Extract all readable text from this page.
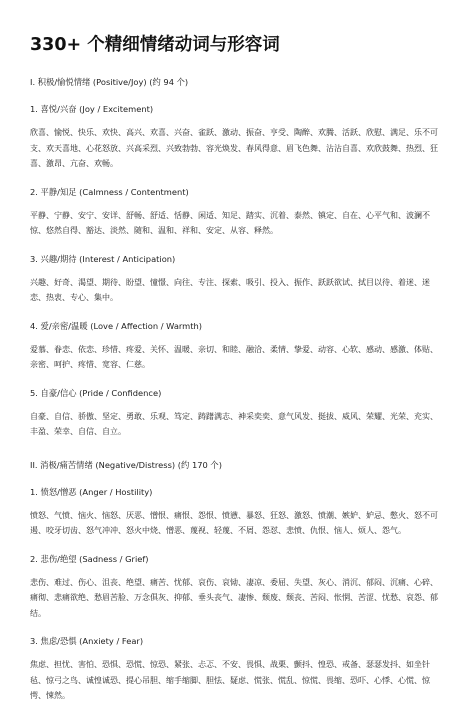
330+ 个精细情绪动词与形容词
I. 积极/愉悦情绪 (Positive/Joy) (约 94 个)
1. 喜悦/兴奋 (Joy / Excitement)
欣喜、愉悦、快乐、欢快、高兴、欢喜、兴奋、雀跃、激动、振奋、亨受、陶醉、欢腾、活跃、欣慰、满足、乐不可支、欢天喜地、心花怒放、兴高采烈、兴致勃勃、容光焕发、春风得意、眉飞色舞、沾沾自喜、欢欣鼓舞、热烈、狂喜、激昂、亢奋、欢畅。
2. 平静/知足 (Calmness / Contentment)
平静、宁静、安宁、安详、舒畅、舒适、恬静、闲适、知足、踏实、沉着、泰然、镇定、自在、心平气和、波澜不惊、悠然自得、豁达、淡然、随和、温和、祥和、安定、从容、释然。
3. 兴趣/期待 (Interest / Anticipation)
兴趣、好奇、渴望、期待、盼望、憧憬、向往、专注、探索、吸引、投入、振作、跃跃欲试、拭目以待、着迷、迷恋、热衷、专心、集中。
4. 爱/亲密/温暖 (Love / Affection / Warmth)
爱慕、眷恋、依恋、珍惜、疼爱、关怀、温暖、亲切、和睦、融洽、柔情、挚爱、动容、心软、感动、感激、体贴、亲密、呵护、疼惜、宽容、仁慈。
5. 自豪/信心 (Pride / Confidence)
自豪、自信、骄傲、坚定、勇敢、乐观、笃定、踌躇满志、神采奕奕、意气风发、挺拔、威风、荣耀、光荣、充实、丰盈、荣幸、自信、自立。
II. 消极/痛苦情绪 (Negative/Distress) (约 170 个)
1. 愤怒/憎恶 (Anger / Hostility)
愤怒、气愤、恼火、恼怒、厌恶、憎恨、痛恨、怨恨、愤懑、暴怒、狂怒、激怒、愤潮、嫉妒、妒忌、憋火、怒不可遏、咬牙切齿、怒气冲冲、怒火中烧、憎恶、蔑视、轻蔑、不屑、怨怼、悲愤、仇恨、恼人、烦人、怨气。
2. 悲伤/绝望 (Sadness / Grief)
悲伤、难过、伤心、沮丧、绝望、痛苦、忧郁、哀伤、哀恸、凄凉、委屈、失望、灰心、消沉、郁闷、沉痛、心碎、痛彻、悲痛欲绝、愁眉苦脸、万念俱灰、抑郁、垂头丧气、凄惨、颓废、颓丧、苦闷、怅惘、苦涩、忧愁、哀怨、郁结。
3. 焦虑/恐惧 (Anxiety / Fear)
焦虑、担忧、害怕、恐惧、恐慌、惊恐、紧张、忐忑、不安、畏惧、战栗、颤抖、惶恐、戒备、瑟瑟发抖、如坐针毡、惊弓之鸟、诚惶诚恐、提心吊胆、缩手缩脚、胆怯、疑虑、慌张、慌乱、惊慌、畏缩、恐吓、心悸、心慌、惊愕、悚然。
